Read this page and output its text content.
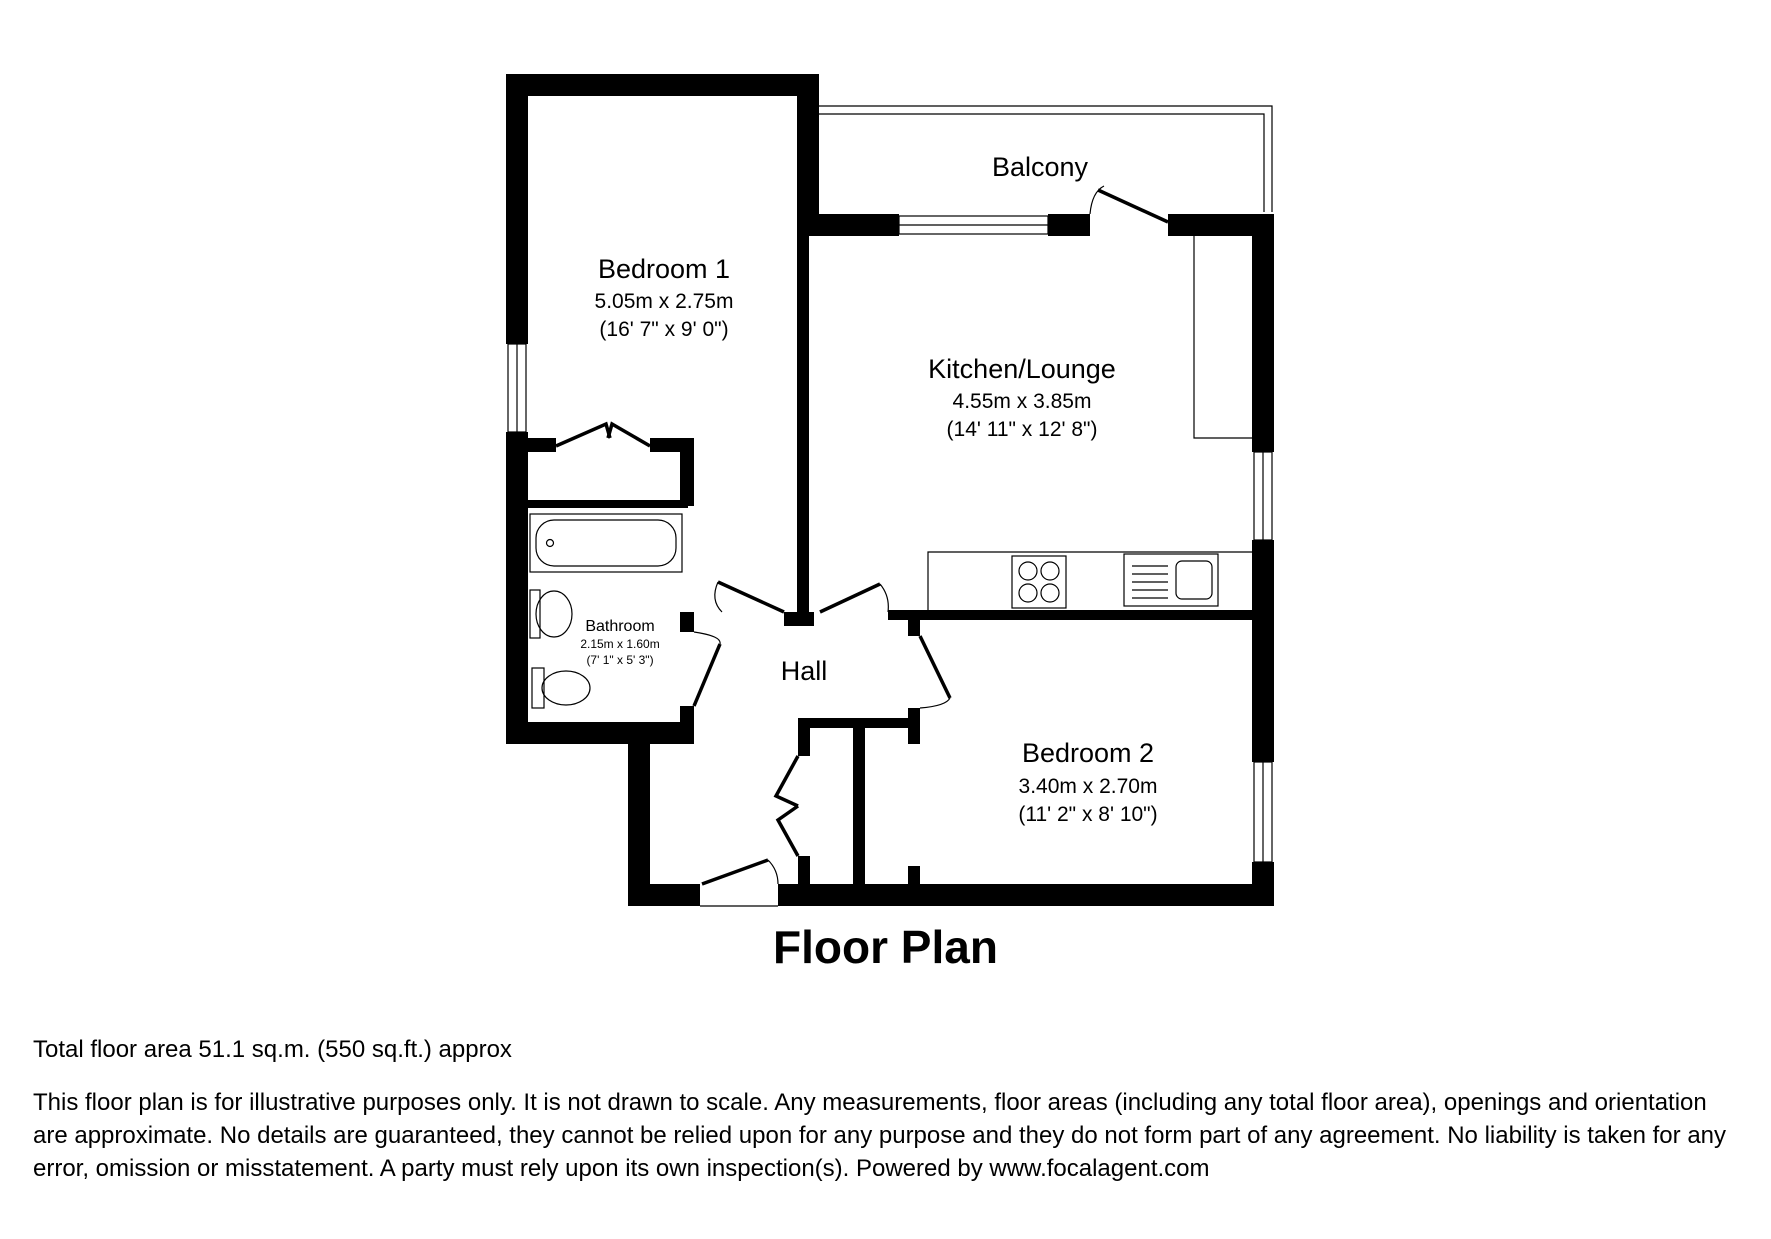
Bedroom 1
5.05m x 2.75m
(16' 7" x 9' 0")
Balcony
Kitchen/Lounge
4.55m x 3.85m
(14' 11" x 12' 8")
Bathroom
2.15m x 1.60m
(7' 1" x 5' 3")	Hall
Bedroom 2
3.40m x 2.70m
(11' 2" x 8' 10")
Floor Plan
Total floor area 51.1 sq.m. (550 sq.ft.) approx
This floor plan is for illustrative purposes only. It is not drawn to scale. Any measurements, floor areas (including any total floor area), openings and orientation are approximate. No details are guaranteed, they cannot be relied upon for any purpose and they do not form part of any agreement. No liability is taken for any error, omission or misstatement. A party must rely upon its own inspection(s). Powered by www.focalagent.com
